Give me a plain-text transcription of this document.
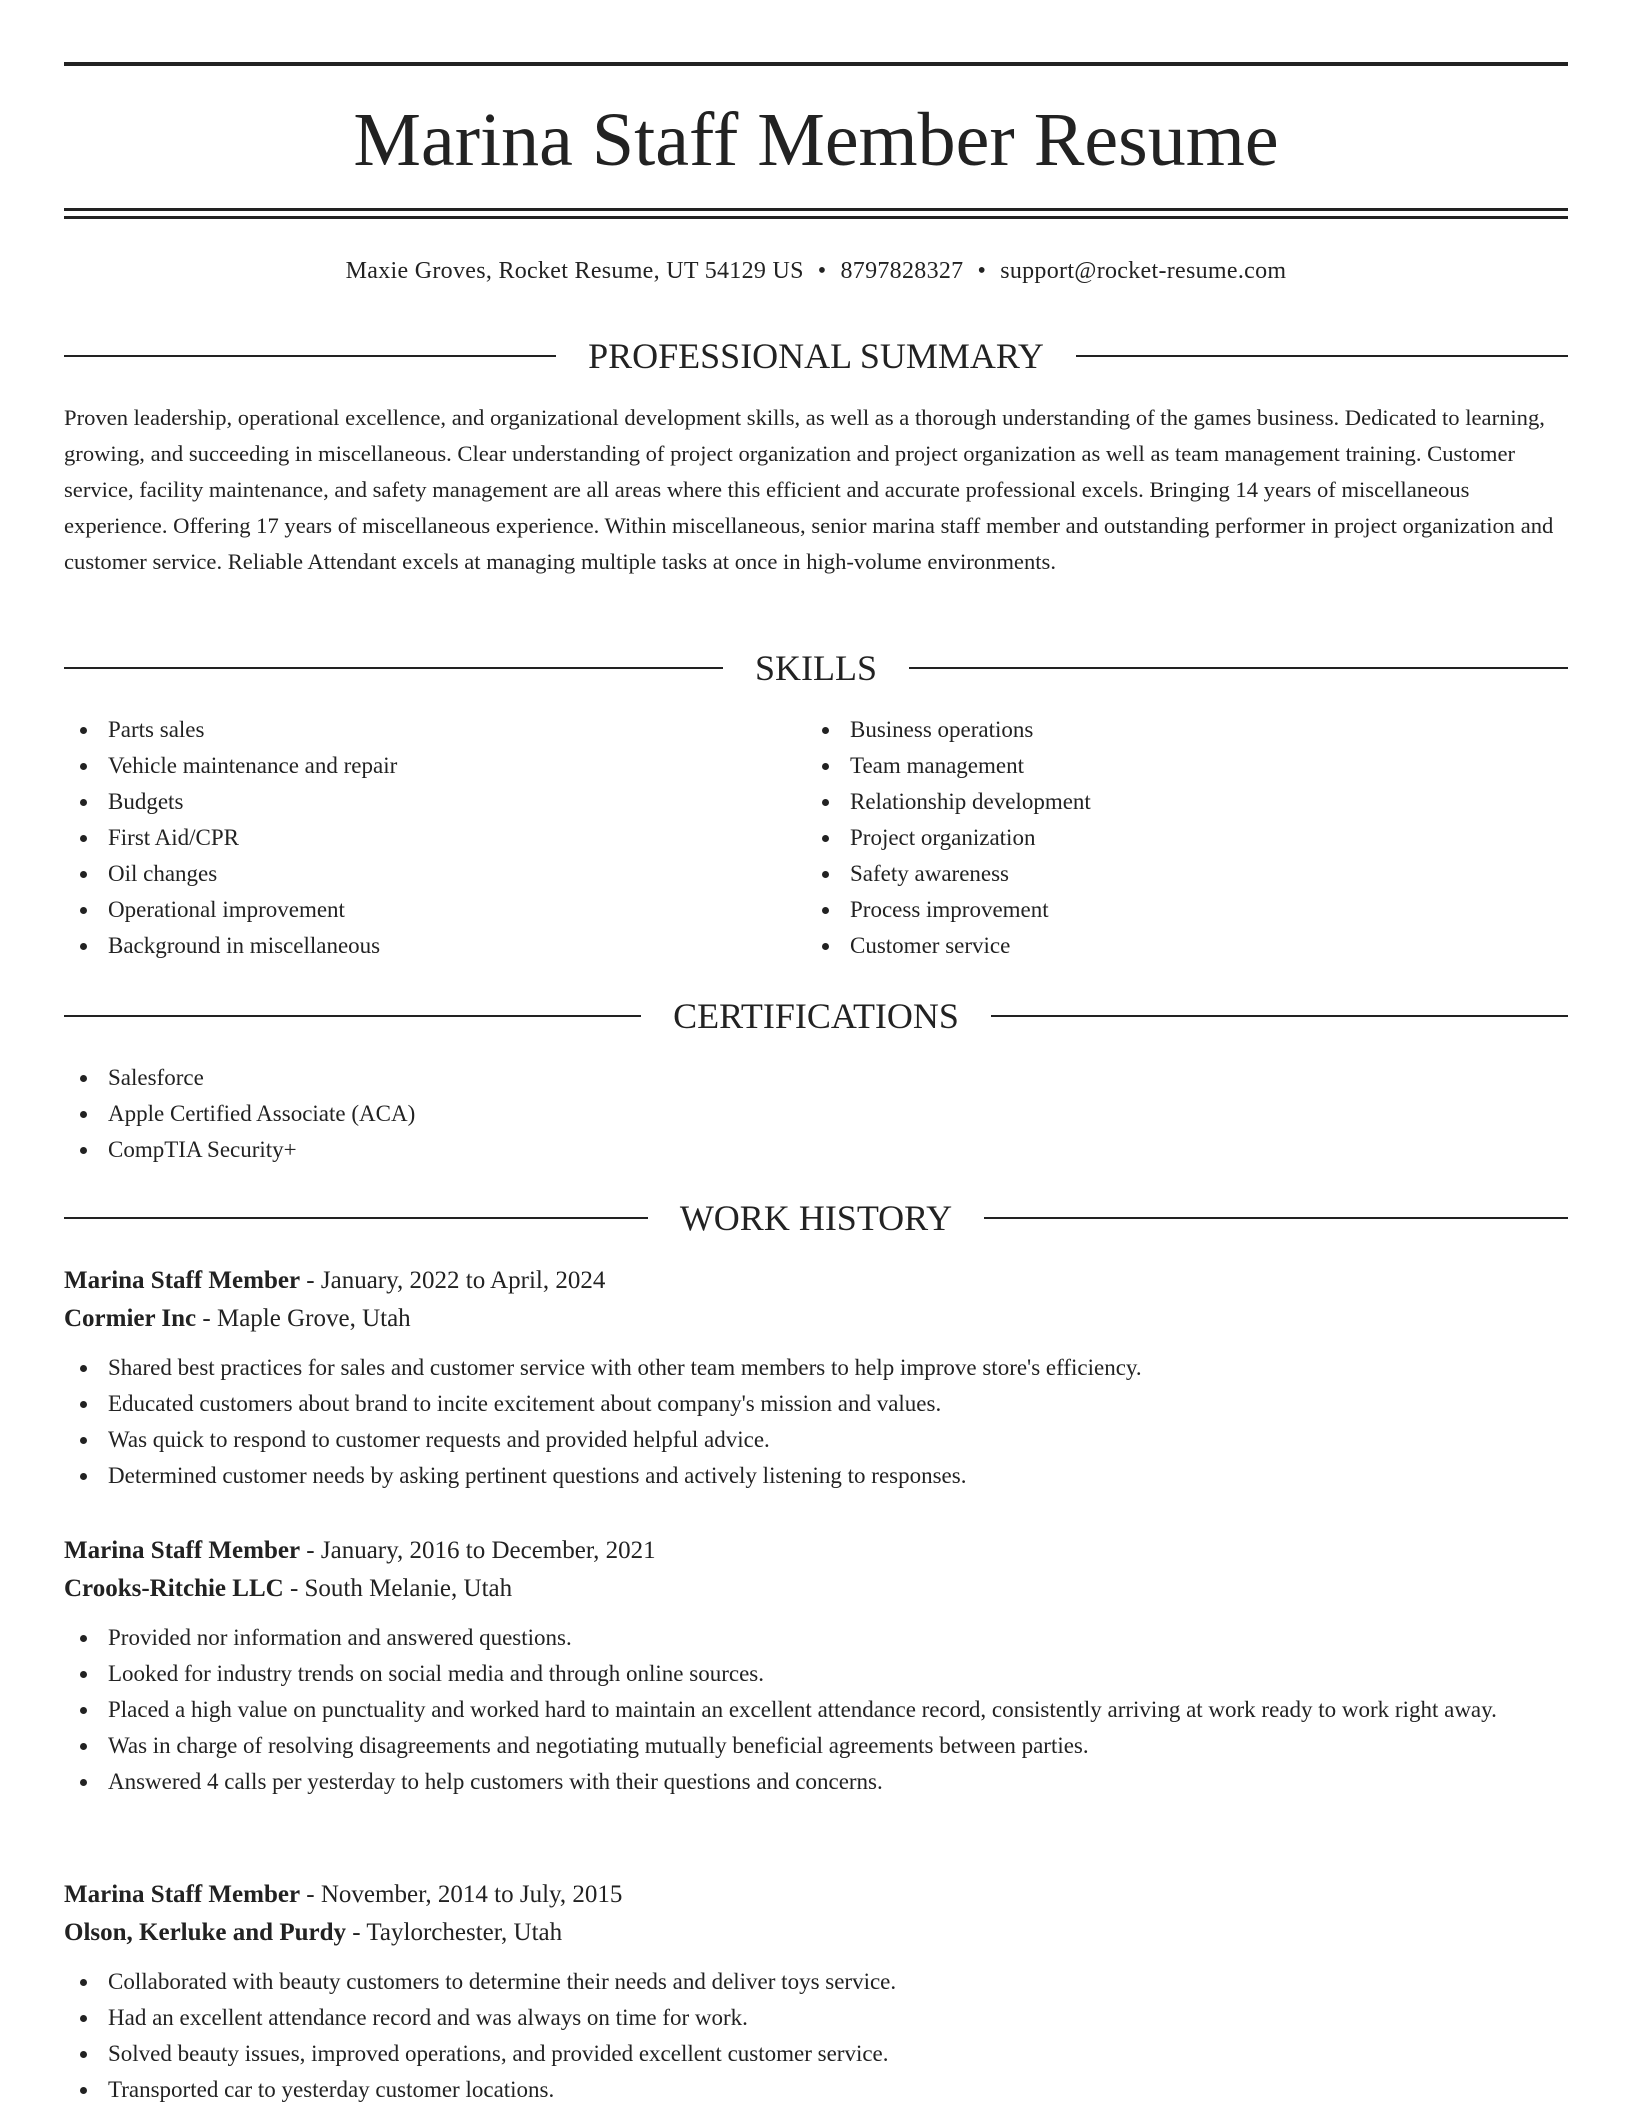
Marina Staff Member Resume
Maxie Groves, Rocket Resume, UT 54129 US • 8797828327 • support@rocket-resume.com
PROFESSIONAL SUMMARY

Proven leadership, operational excellence, and organizational development skills, as well as a thorough understanding of the games business. Dedicated to learning, growing, and succeeding in miscellaneous. Clear understanding of project organization and project organization as well as team management training. Customer service, facility maintenance, and safety management are all areas where this efficient and accurate professional excels. Bringing 14 years of miscellaneous experience. Offering 17 years of miscellaneous experience. Within miscellaneous, senior marina staff member and outstanding performer in project organization and customer service. Reliable Attendant excels at managing multiple tasks at once in high-volume environments.

SKILLS
Parts sales
Vehicle maintenance and repair
Budgets
First Aid/CPR
Oil changes
Operational improvement
Background in miscellaneous
Business operations
Team management
Relationship development
Project organization
Safety awareness
Process improvement
Customer service
CERTIFICATIONS
Salesforce
Apple Certified Associate (ACA)
CompTIA Security+
WORK HISTORY

Marina Staff Member - January, 2022 to April, 2024

Cormier Inc - Maple Grove, Utah

Shared best practices for sales and customer service with other team members to help improve store's efficiency.
Educated customers about brand to incite excitement about company's mission and values.
Was quick to respond to customer requests and provided helpful advice.
Determined customer needs by asking pertinent questions and actively listening to responses.

Marina Staff Member - January, 2016 to December, 2021

Crooks-Ritchie LLC - South Melanie, Utah

Provided nor information and answered questions.
Looked for industry trends on social media and through online sources.
Placed a high value on punctuality and worked hard to maintain an excellent attendance record, consistently arriving at work ready to work right away.
Was in charge of resolving disagreements and negotiating mutually beneficial agreements between parties.
Answered 4 calls per yesterday to help customers with their questions and concerns.

Marina Staff Member - November, 2014 to July, 2015

Olson, Kerluke and Purdy - Taylorchester, Utah

Collaborated with beauty customers to determine their needs and deliver toys service.
Had an excellent attendance record and was always on time for work.
Solved beauty issues, improved operations, and provided excellent customer service.
Transported car to yesterday customer locations.
